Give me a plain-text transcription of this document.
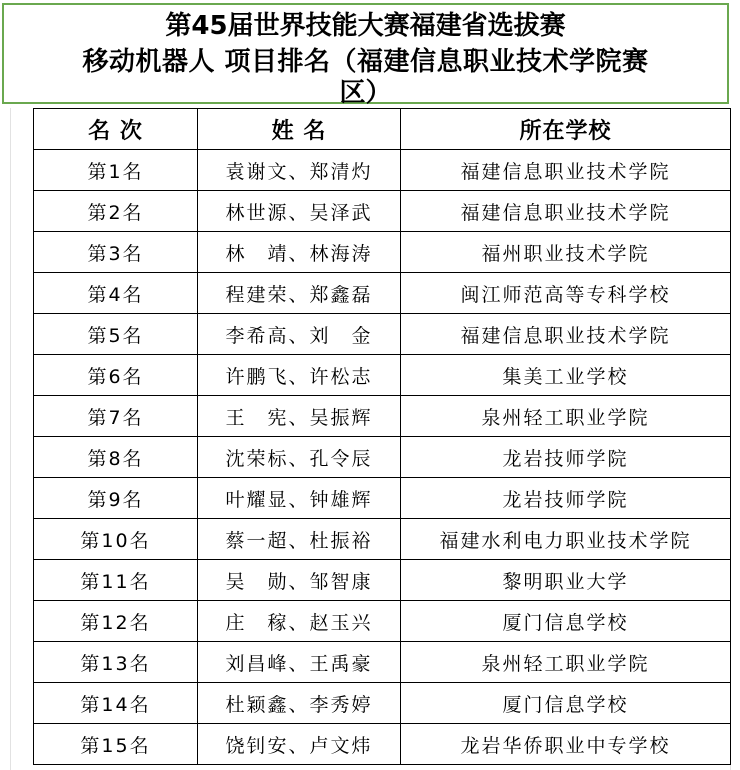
第45届世界技能大赛福建省选拔赛
移动机器人 项目排名（福建信息职业技术学院赛
区）
名 次	姓 名	所在学校
第1名	袁谢文、郑清灼	福建信息职业技术学院
第2名	林世源、吴泽武	福建信息职业技术学院
第3名	林　靖、林海涛	福州职业技术学院
第4名	程建荣、郑鑫磊	闽江师范高等专科学校
第5名	李希高、刘　金	福建信息职业技术学院
第6名	许鹏飞、许松志	集美工业学校
第7名	王　宪、吴振辉	泉州轻工职业学院
第8名	沈荣标、孔令辰	龙岩技师学院
第9名	叶耀显、钟雄辉	龙岩技师学院
第10名	蔡一超、杜振裕	福建水利电力职业技术学院
第11名	吴　勋、邹智康	黎明职业大学
第12名	庄　稼、赵玉兴	厦门信息学校
第13名	刘昌峰、王禹豪	泉州轻工职业学院
第14名	杜颖鑫、李秀婷	厦门信息学校
第15名	饶钊安、卢文炜	龙岩华侨职业中专学校
